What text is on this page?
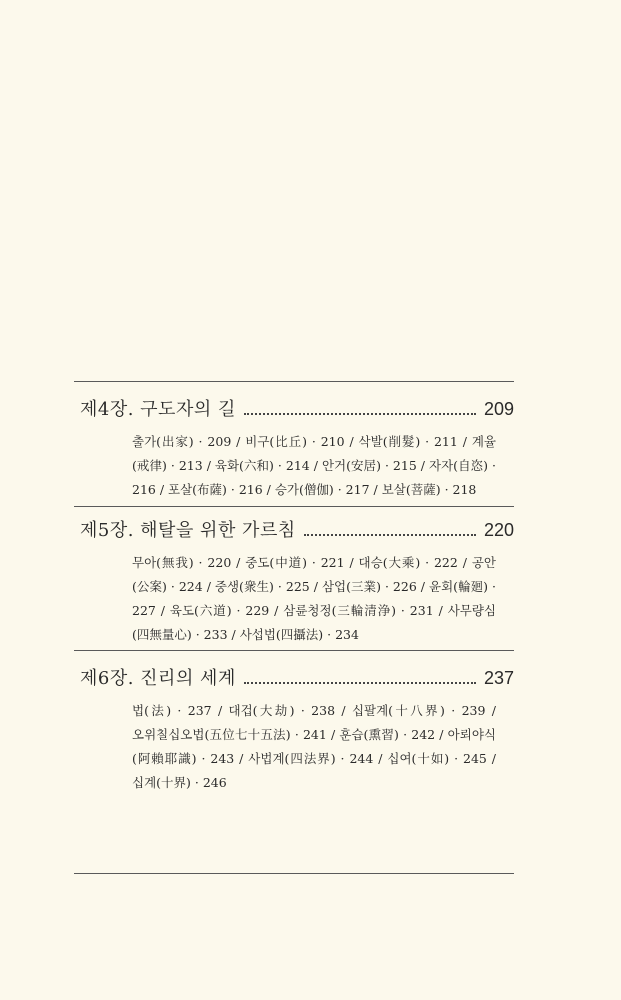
제4장. 구도자의 길	209

출가(出家) · 209 / 비구(比丘) · 210 / 삭발(削髮) · 211 / 계율(戒律) · 213 / 육화(六和) · 214 / 안거(安居) · 215 / 자자(自恣) · 216 / 포살(布薩) · 216 / 승가(僧伽) · 217 / 보살(菩薩) · 218

제5장. 해탈을 위한 가르침	220

무아(無我) · 220 / 중도(中道) · 221 / 대승(大乘) · 222 / 공안(公案) · 224 / 중생(衆生) · 225 / 삼업(三業) · 226 / 윤회(輪廻) · 227 / 육도(六道) · 229 / 삼륜청정(三輪清浄) · 231 / 사무량심(四無量心) · 233 / 사섭법(四攝法) · 234

제6장. 진리의 세계	237

법(法) · 237 / 대겁(大劫) · 238 / 십팔계(十八界) · 239 / 오위칠십오법(五位七十五法) · 241 / 훈습(熏習) · 242 / 아뢰야식(阿賴耶識) · 243 / 사법계(四法界) · 244 / 십여(十如) · 245 / 십계(十界) · 246
